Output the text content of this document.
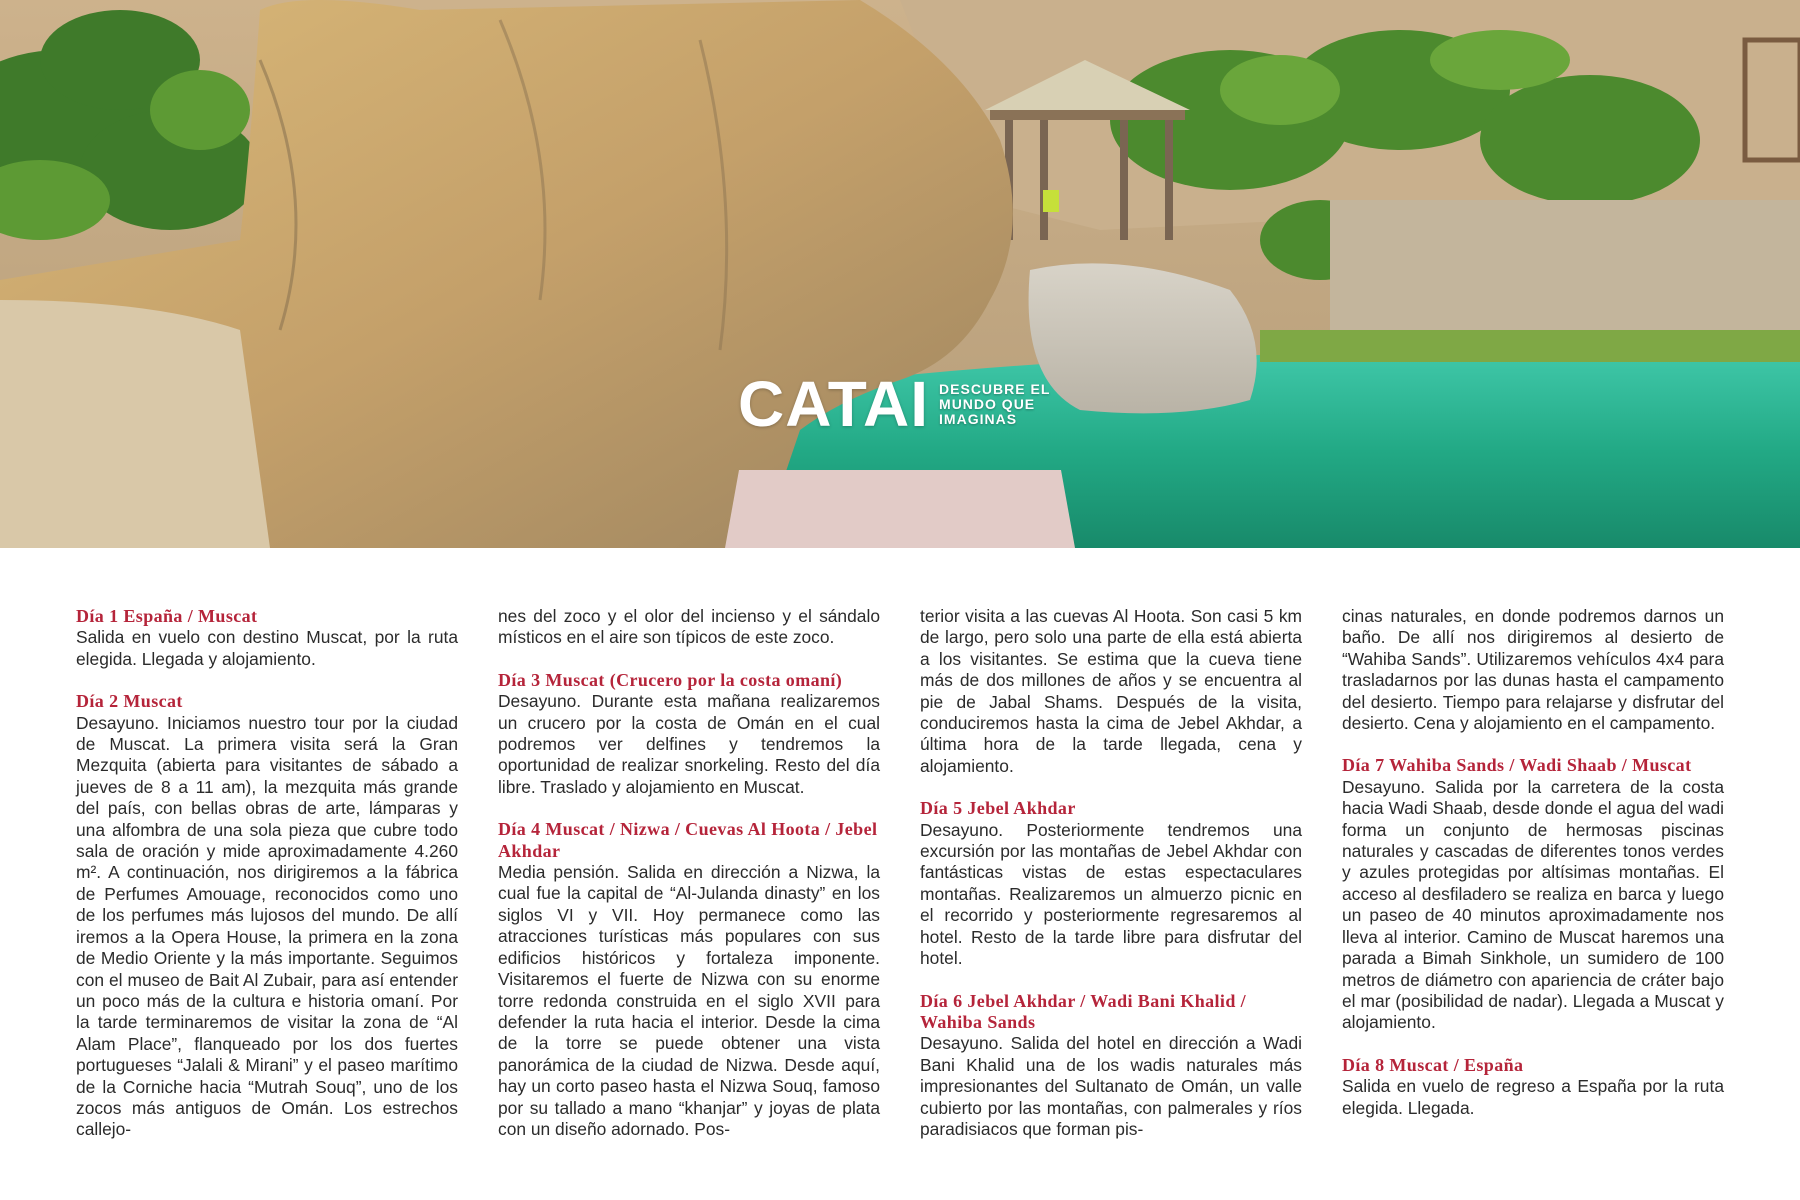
CATAI DESCUBRE EL
MUNDO QUE
IMAGINAS

Día 1 España / Muscat

Salida en vuelo con destino Muscat, por la ruta elegida. Llegada y alojamiento.

Día 2 Muscat

Desayuno. Iniciamos nuestro tour por la ciudad de Muscat. La primera visita será la Gran Mezquita (abierta para visitantes de sábado a jueves de 8 a 11 am), la mezquita más grande del país, con bellas obras de arte, lámparas y una alfombra de una sola pieza que cubre todo sala de oración y mide aproximadamente 4.260 m². A continuación, nos dirigiremos a la fábrica de Perfumes Amouage, reconocidos como uno de los perfumes más lujosos del mundo. De allí iremos a la Opera House, la primera en la zona de Medio Oriente y la más importante. Seguimos con el museo de Bait Al Zubair, para así entender un poco más de la cultura e historia omaní. Por la tarde terminaremos de visitar la zona de “Al Alam Place”, flanqueado por los dos fuertes portugueses “Jalali & Mirani” y el paseo marítimo de la Corniche hacia “Mutrah Souq”, uno de los zocos más antiguos de Omán. Los estrechos callejo-

nes del zoco y el olor del incienso y el sándalo místicos en el aire son típicos de este zoco.

Día 3 Muscat (Crucero por la costa omaní)

Desayuno. Durante esta mañana realizaremos un crucero por la costa de Omán en el cual podremos ver delfines y tendremos la oportunidad de realizar snorkeling. Resto del día libre. Traslado y alojamiento en Muscat.

Día 4 Muscat / Nizwa / Cuevas Al Hoota / Jebel Akhdar

Media pensión. Salida en dirección a Nizwa, la cual fue la capital de “Al-Julanda dinasty” en los siglos VI y VII. Hoy permanece como las atracciones turísticas más populares con sus edificios históricos y fortaleza imponente. Visitaremos el fuerte de Nizwa con su enorme torre redonda construida en el siglo XVII para defender la ruta hacia el interior. Desde la cima de la torre se puede obtener una vista panorámica de la ciudad de Nizwa. Desde aquí, hay un corto paseo hasta el Nizwa Souq, famoso por su tallado a mano “khanjar” y joyas de plata con un diseño adornado. Pos-

terior visita a las cuevas Al Hoota. Son casi 5 km de largo, pero solo una parte de ella está abierta a los visitantes. Se estima que la cueva tiene más de dos millones de años y se encuentra al pie de Jabal Shams. Después de la visita, conduciremos hasta la cima de Jebel Akhdar, a última hora de la tarde llegada, cena y alojamiento.

Día 5 Jebel Akhdar

Desayuno. Posteriormente tendremos una excursión por las montañas de Jebel Akhdar con fantásticas vistas de estas espectaculares montañas. Realizaremos un almuerzo picnic en el recorrido y posteriormente regresaremos al hotel. Resto de la tarde libre para disfrutar del hotel.

Día 6 Jebel Akhdar / Wadi Bani Khalid / Wahiba Sands

Desayuno. Salida del hotel en dirección a Wadi Bani Khalid una de los wadis naturales más impresionantes del Sultanato de Omán, un valle cubierto por las montañas, con palmerales y ríos paradisiacos que forman pis-

cinas naturales, en donde podremos darnos un baño. De allí nos dirigiremos al desierto de “Wahiba Sands”. Utilizaremos vehículos 4x4 para trasladarnos por las dunas hasta el campamento del desierto. Tiempo para relajarse y disfrutar del desierto. Cena y alojamiento en el campamento.

Día 7 Wahiba Sands / Wadi Shaab / Muscat

Desayuno. Salida por la carretera de la costa hacia Wadi Shaab, desde donde el agua del wadi forma un conjunto de hermosas piscinas naturales y cascadas de diferentes tonos verdes y azules protegidas por altísimas montañas. El acceso al desfiladero se realiza en barca y luego un paseo de 40 minutos aproximadamente nos lleva al interior. Camino de Muscat haremos una parada a Bimah Sinkhole, un sumidero de 100 metros de diámetro con apariencia de cráter bajo el mar (posibilidad de nadar). Llegada a Muscat y alojamiento.

Día 8 Muscat / España

Salida en vuelo de regreso a España por la ruta elegida. Llegada.
